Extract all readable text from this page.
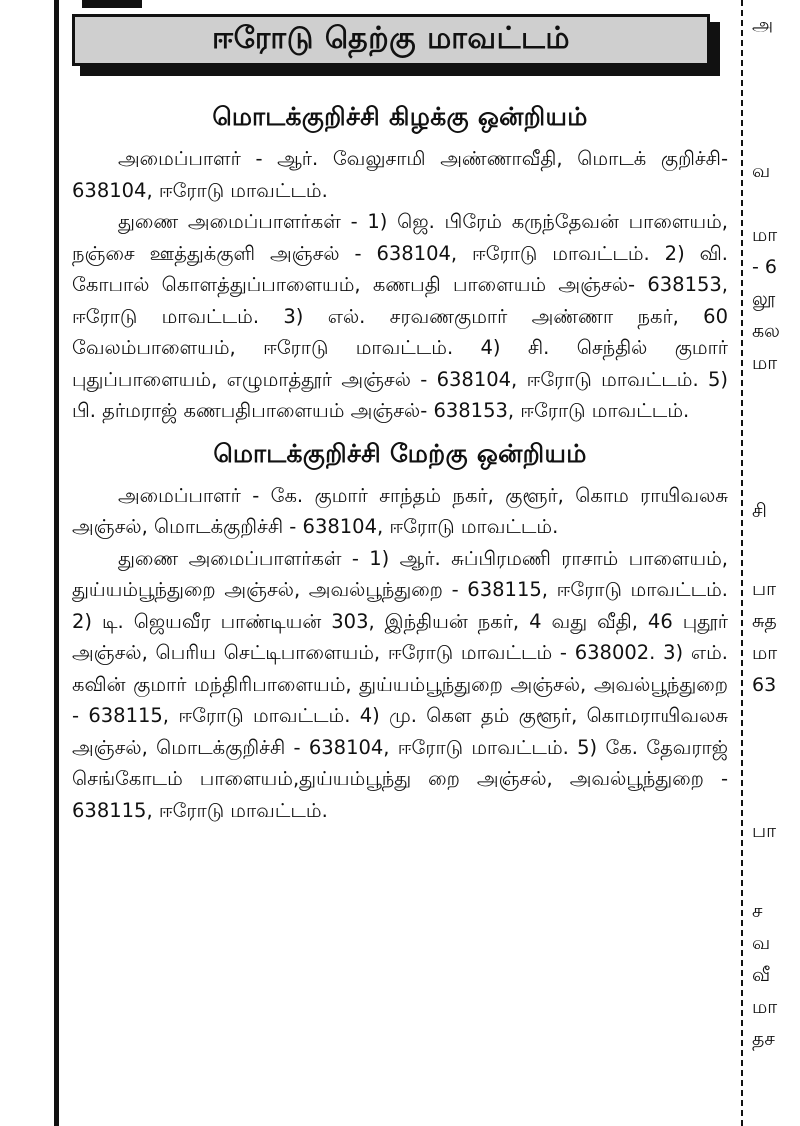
ஈரோடு தெற்கு மாவட்டம்
மொடக்குறிச்சி கிழக்கு ஒன்றியம்

அமைப்பாளர் - ஆர். வேலுசாமி அண்ணாவீதி, மொடக் குறிச்சி- 638104, ஈரோடு மாவட்டம்.

துணை அமைப்பாளர்கள் - 1) ஜெ. பிரேம் கருந்தேவன் பாளையம், நஞ்சை ஊத்துக்குளி அஞ்சல் - 638104, ஈரோடு மாவட்டம். 2) வி. கோபால் கொளத்துப்பாளையம், கணபதி பாளையம் அஞ்சல்- 638153, ஈரோடு மாவட்டம். 3) எல். சரவணகுமார் அண்ணா நகர், 60 வேலம்பாளையம், ஈரோடு மாவட்டம். 4) சி. செந்தில் குமார் புதுப்பாளையம், எழுமாத்தூர் அஞ்சல் - 638104, ஈரோடு மாவட்டம். 5) பி. தர்மராஜ் கணபதிபாளையம் அஞ்சல்- 638153, ஈரோடு மாவட்டம்.

மொடக்குறிச்சி மேற்கு ஒன்றியம்

அமைப்பாளர் - கே. குமார் சாந்தம் நகர், குளூர், கொம ராயிவலசு அஞ்சல், மொடக்குறிச்சி - 638104, ஈரோடு மாவட்டம்.

துணை அமைப்பாளர்கள் - 1) ஆர். சுப்பிரமணி ராசாம் பாளையம், துய்யம்பூந்துறை அஞ்சல், அவல்பூந்துறை - 638115, ஈரோடு மாவட்டம். 2) டி. ஜெயவீர பாண்டியன் 303, இந்தியன் நகர், 4 வது வீதி, 46 புதூர் அஞ்சல், பெரிய செட்டிபாளையம், ஈரோடு மாவட்டம் - 638002. 3) எம். கவின் குமார் மந்திரிபாளையம், துய்யம்பூந்துறை அஞ்சல், அவல்பூந்துறை - 638115, ஈரோடு மாவட்டம். 4) மு. கௌ தம் குளூர், கொமராயிவலசு அஞ்சல், மொடக்குறிச்சி - 638104, ஈரோடு மாவட்டம். 5) கே. தேவராஜ் செங்கோடம் பாளையம்,துய்யம்பூந்து றை அஞ்சல், அவல்பூந்துறை - 638115, ஈரோடு மாவட்டம்.

அ
வ
மா
- 6
லூ
கல
மா
சி
பா
சுத
மா
63
பா
ச
வ
வீ
மா
தச
